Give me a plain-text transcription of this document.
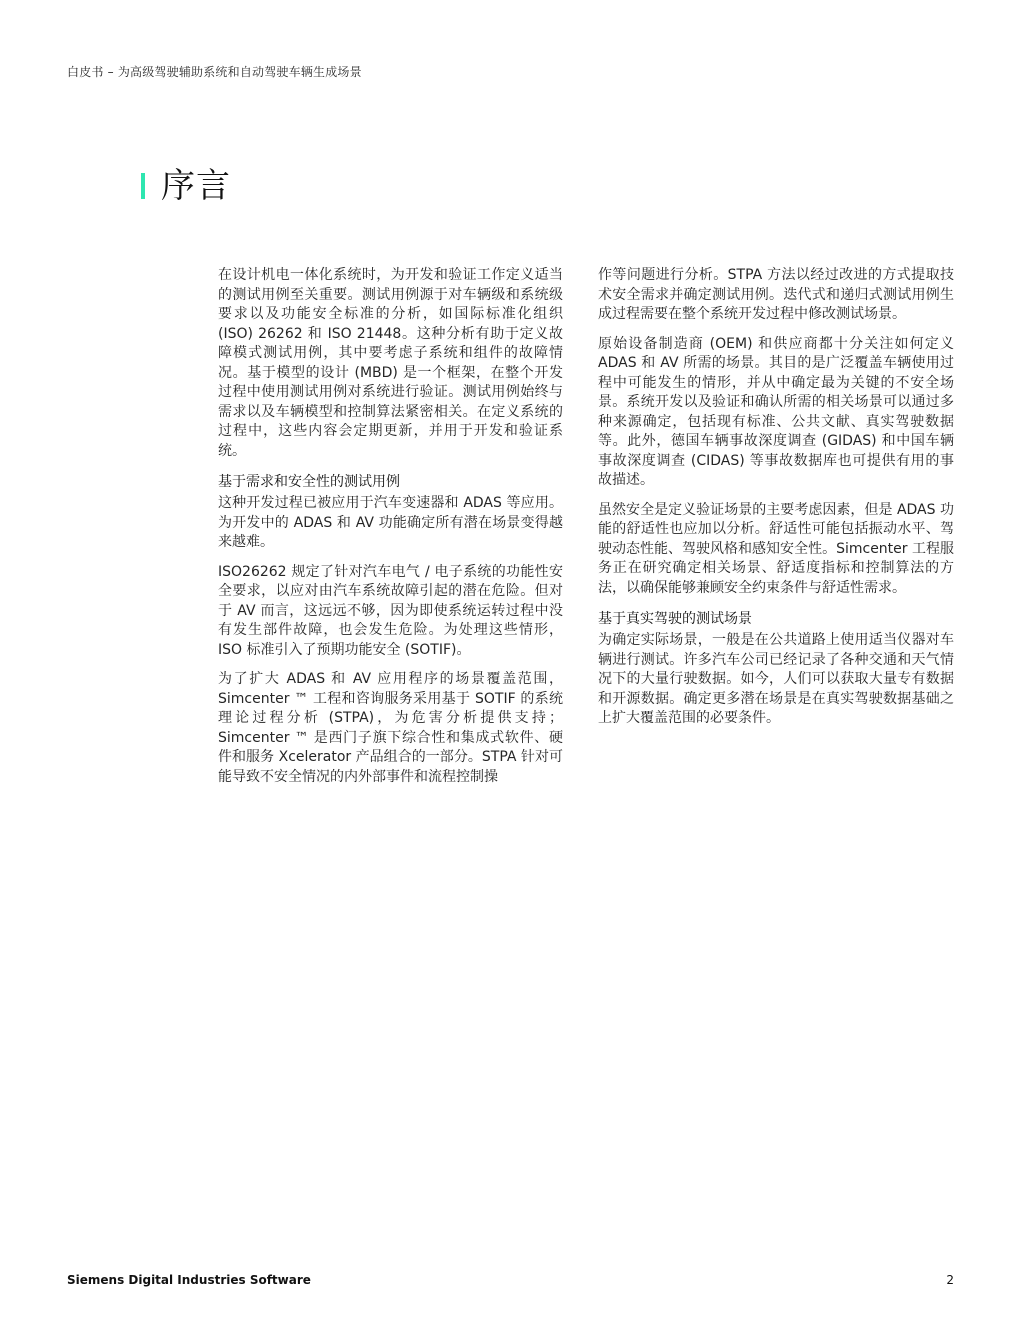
白皮书 – 为高级驾驶辅助系统和自动驾驶车辆生成场景
序言

在设计机电一体化系统时，为开发和验证工作定义适当的测试用例至关重要。测试用例源于对车辆级和系统级要求以及功能安全标准的分析，如国际标准化组织 (ISO) 26262 和 ISO 21448。这种分析有助于定义故障模式测试用例，其中要考虑子系统和组件的故障情况。基于模型的设计 (MBD) 是一个框架，在整个开发过程中使用测试用例对系统进行验证。测试用例始终与需求以及车辆模型和控制算法紧密相关。在定义系统的过程中，这些内容会定期更新，并用于开发和验证系统。

基于需求和安全性的测试用例

这种开发过程已被应用于汽车变速器和 ADAS 等应用。为开发中的 ADAS 和 AV 功能确定所有潜在场景变得越来越难。

ISO26262 规定了针对汽车电气 / 电子系统的功能性安全要求，以应对由汽车系统故障引起的潜在危险。但对于 AV 而言，这远远不够，因为即使系统运转过程中没有发生部件故障，也会发生危险。为处理这些情形，ISO 标准引入了预期功能安全 (SOTIF)。

为了扩大 ADAS 和 AV 应用程序的场景覆盖范围，Simcenter ™ 工程和咨询服务采用基于 SOTIF 的系统理论过程分析 (STPA)，为危害分析提供支持；Simcenter ™ 是西门子旗下综合性和集成式软件、硬件和服务 Xcelerator 产品组合的一部分。STPA 针对可能导致不安全情况的内外部事件和流程控制操

作等问题进行分析。STPA 方法以经过改进的方式提取技术安全需求并确定测试用例。迭代式和递归式测试用例生成过程需要在整个系统开发过程中修改测试场景。

原始设备制造商 (OEM) 和供应商都十分关注如何定义 ADAS 和 AV 所需的场景。其目的是广泛覆盖车辆使用过程中可能发生的情形，并从中确定最为关键的不安全场景。系统开发以及验证和确认所需的相关场景可以通过多种来源确定，包括现有标准、公共文献、真实驾驶数据等。此外，德国车辆事故深度调查 (GIDAS) 和中国车辆事故深度调查 (CIDAS) 等事故数据库也可提供有用的事故描述。

虽然安全是定义验证场景的主要考虑因素，但是 ADAS 功能的舒适性也应加以分析。舒适性可能包括振动水平、驾驶动态性能、驾驶风格和感知安全性。Simcenter 工程服务正在研究确定相关场景、舒适度指标和控制算法的方法，以确保能够兼顾安全约束条件与舒适性需求。

基于真实驾驶的测试场景

为确定实际场景，一般是在公共道路上使用适当仪器对车辆进行测试。许多汽车公司已经记录了各种交通和天气情况下的大量行驶数据。如今，人们可以获取大量专有数据和开源数据。确定更多潜在场景是在真实驾驶数据基础之上扩大覆盖范围的必要条件。

Siemens Digital Industries Software	2
